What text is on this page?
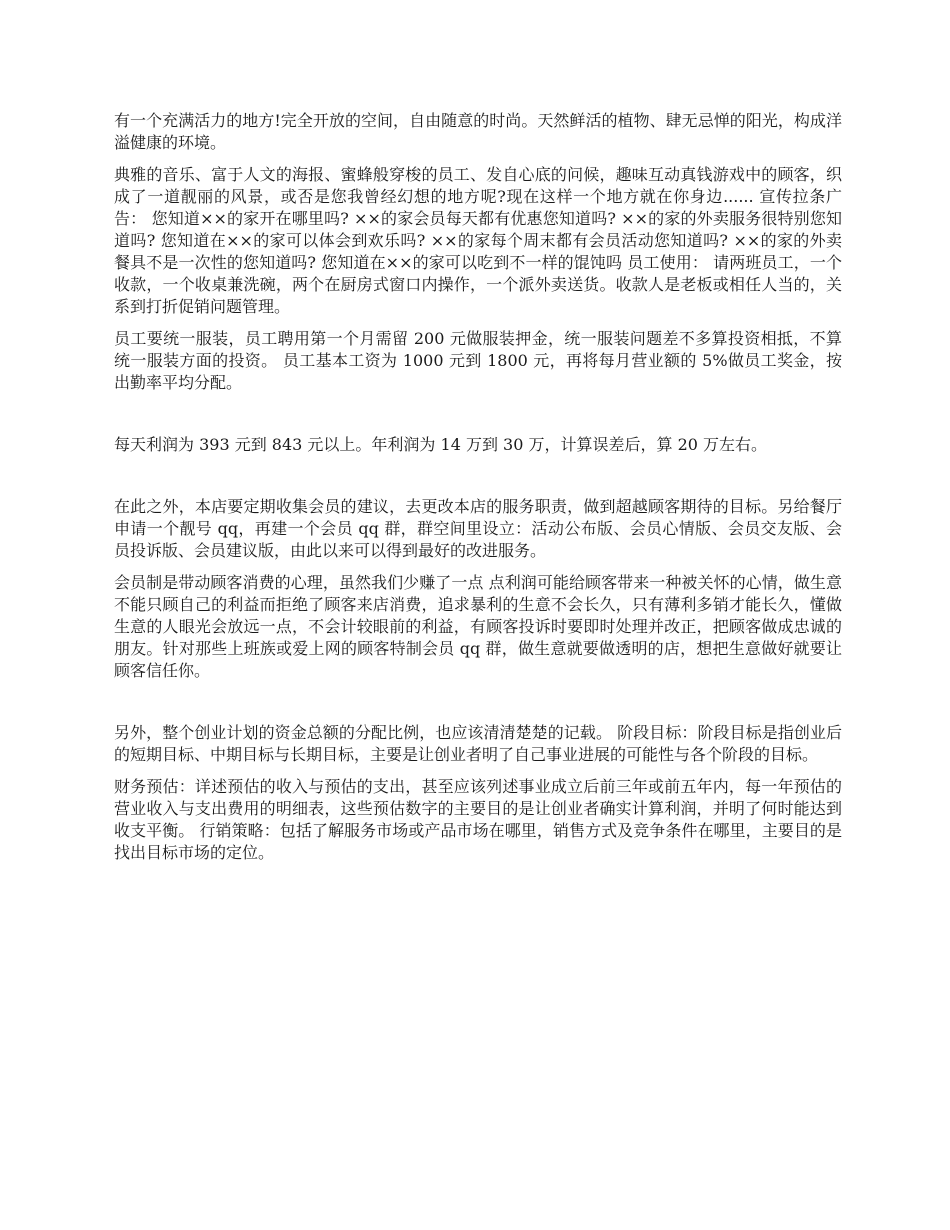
有一个充满活力的地方!完全开放的空间，自由随意的时尚。天然鲜活的植物、肆无忌惮的阳光，构成洋溢健康的环境。

典雅的音乐、富于人文的海报、蜜蜂般穿梭的员工、发自心底的问候，趣味互动真钱游戏中的顾客，织成了一道靓丽的风景，或否是您我曾经幻想的地方呢?现在这样一个地方就在你身边...... 宣传拉条广告： 您知道××的家开在哪里吗? ××的家会员每天都有优惠您知道吗? ××的家的外卖服务很特别您知道吗? 您知道在××的家可以体会到欢乐吗? ××的家每个周末都有会员活动您知道吗? ××的家的外卖餐具不是一次性的您知道吗? 您知道在××的家可以吃到不一样的馄饨吗 员工使用： 请两班员工，一个收款，一个收桌兼洗碗，两个在厨房式窗口内操作，一个派外卖送货。收款人是老板或相任人当的，关系到打折促销问题管理。

员工要统一服装，员工聘用第一个月需留 200 元做服装押金，统一服装问题差不多算投资相抵，不算统一服装方面的投资。 员工基本工资为 1000 元到 1800 元，再将每月营业额的 5%做员工奖金，按出勤率平均分配。

每天利润为 393 元到 843 元以上。年利润为 14 万到 30 万，计算误差后，算 20 万左右。

在此之外，本店要定期收集会员的建议，去更改本店的服务职责，做到超越顾客期待的目标。另给餐厅申请一个靓号 qq，再建一个会员 qq 群，群空间里设立：活动公布版、会员心情版、会员交友版、会员投诉版、会员建议版，由此以来可以得到最好的改进服务。

会员制是带动顾客消费的心理，虽然我们少赚了一点 点利润可能给顾客带来一种被关怀的心情，做生意不能只顾自己的利益而拒绝了顾客来店消费，追求暴利的生意不会长久，只有薄利多销才能长久，懂做生意的人眼光会放远一点，不会计较眼前的利益，有顾客投诉时要即时处理并改正，把顾客做成忠诚的朋友。针对那些上班族或爱上网的顾客特制会员 qq 群，做生意就要做透明的店，想把生意做好就要让顾客信任你。

另外，整个创业计划的资金总额的分配比例，也应该清清楚楚的记载。 阶段目标：阶段目标是指创业后的短期目标、中期目标与长期目标，主要是让创业者明了自己事业进展的可能性与各个阶段的目标。

财务预估：详述预估的收入与预估的支出，甚至应该列述事业成立后前三年或前五年内，每一年预估的营业收入与支出费用的明细表，这些预估数字的主要目的是让创业者确实计算利润，并明了何时能达到收支平衡。 行销策略：包括了解服务市场或产品市场在哪里，销售方式及竞争条件在哪里，主要目的是找出目标市场的定位。
